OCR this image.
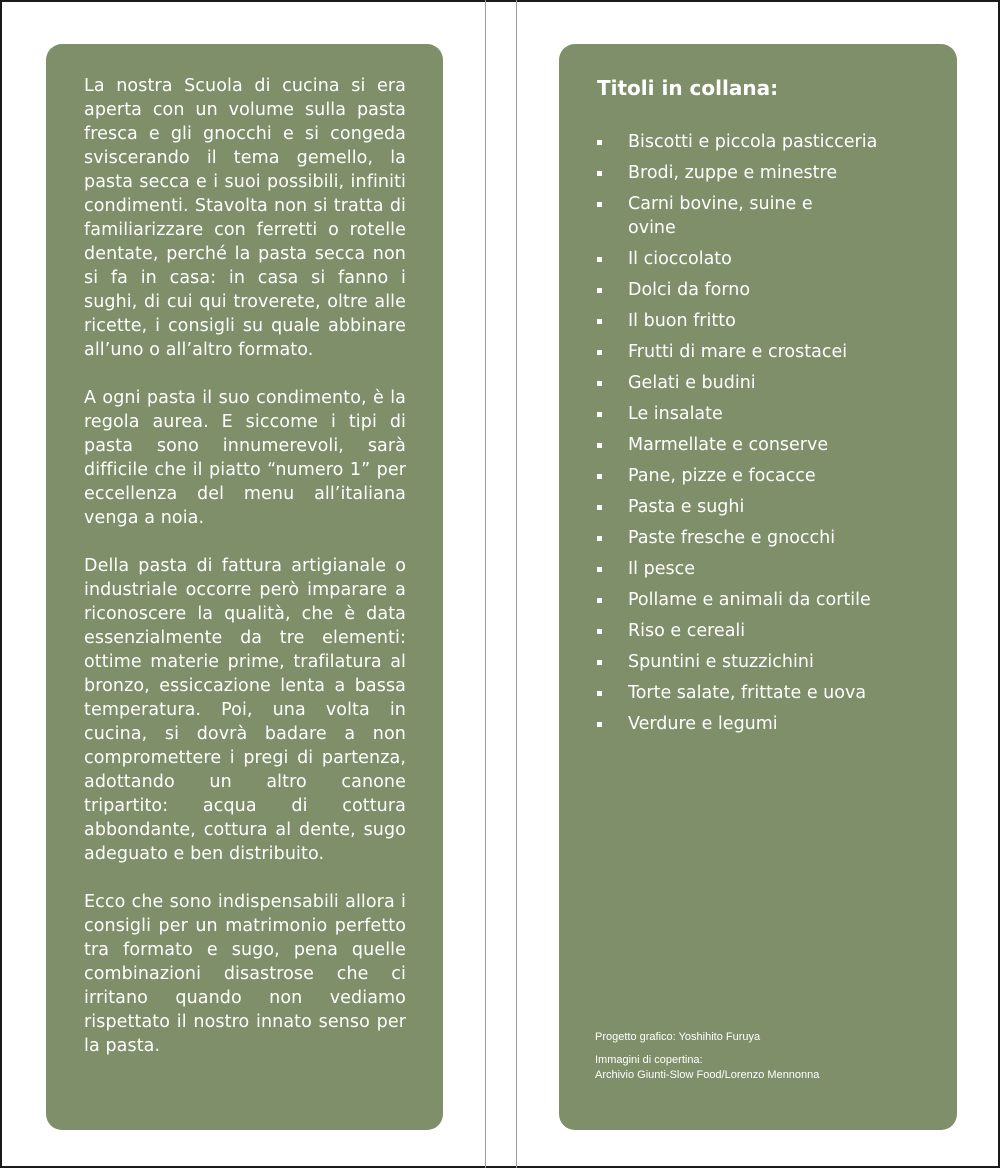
La nostra Scuola di cucina si era aperta con un volume sulla pasta fresca e gli gnocchi e si congeda sviscerando il tema gemello, la pasta secca e i suoi possibili, infiniti condimenti. Stavolta non si tratta di familiarizzare con ferretti o rotelle dentate, perché la pasta secca non si fa in casa: in casa si fanno i sughi, di cui qui troverete, oltre alle ricette, i consigli su quale abbinare all’uno o all’altro formato.

A ogni pasta il suo condimento, è la regola aurea. E siccome i tipi di pasta sono innumerevoli, sarà difficile che il piatto “numero 1” per eccellenza del menu all’italiana venga a noia.

Della pasta di fattura artigianale o industriale occorre però imparare a riconoscere la qualità, che è data essenzialmente da tre elementi: ottime materie prime, trafilatura al bronzo, essiccazione lenta a bassa temperatura. Poi, una volta in cucina, si dovrà badare a non compromettere i pregi di partenza, adottando un altro canone tripartito: acqua di cottura abbondante, cottura al dente, sugo adeguato e ben distribuito.

Ecco che sono indispensabili allora i consigli per un matrimonio perfetto tra formato e sugo, pena quelle combinazioni disastrose che ci irritano quando non vediamo rispettato il nostro innato senso per la pasta.

Titoli in collana:
Biscotti e piccola pasticceria
Brodi, zuppe e minestre
Carni bovine, suine e ovine
Il cioccolato
Dolci da forno
Il buon fritto
Frutti di mare e crostacei
Gelati e budini
Le insalate
Marmellate e conserve
Pane, pizze e focacce
Pasta e sughi
Paste fresche e gnocchi
Il pesce
Pollame e animali da cortile
Riso e cereali
Spuntini e stuzzichini
Torte salate, frittate e uova
Verdure e legumi

Progetto grafico: Yoshihito Furuya

Immagini di copertina:
Archivio Giunti-Slow Food/Lorenzo Mennonna
